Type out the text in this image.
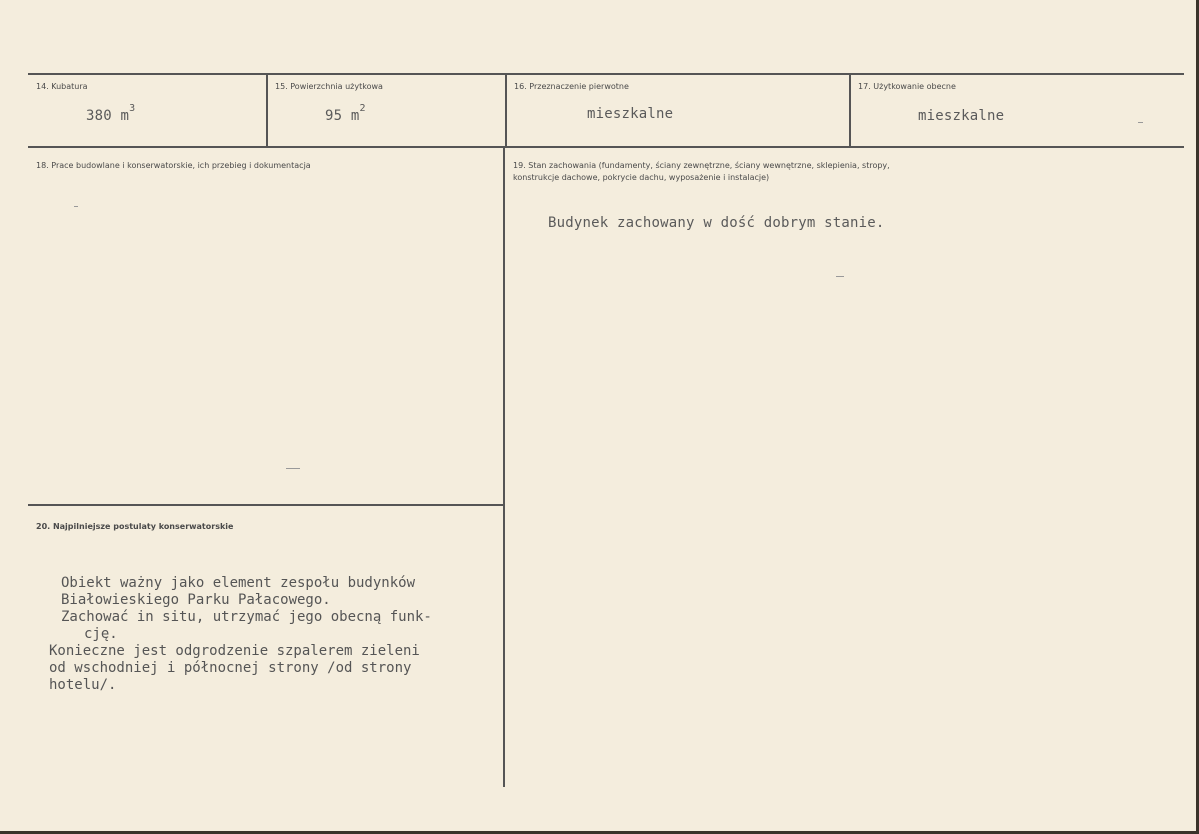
14. Kubatura	15. Powierzchnia użytkowa	16. Przeznaczenie pierwotne	17. Użytkowanie obecne
380 $m^3$	95 $m^2$	mieszkalne	mieszkalne
18. Prace budowlane i konserwatorskie, ich przebieg i dokumentacja	19. Stan zachowania (fundamenty, ściany zewnętrzne, ściany wewnętrzne, sklepienia, stropy,
konstrukcje dachowe, pokrycie dachu, wyposażenie i instalacje)
Budynek zachowany w dość dobrym stanie.
20. Najpilniejsze postulaty konserwatorskie
Obiekt ważny jako element zespołu budynków
Białowieskiego Parku Pałacowego.
Zachować in situ, utrzymać jego obecną funk-
cję.
Konieczne jest odgrodzenie szpalerem zieleni
od wschodniej i północnej strony /od strony
hotelu/.
